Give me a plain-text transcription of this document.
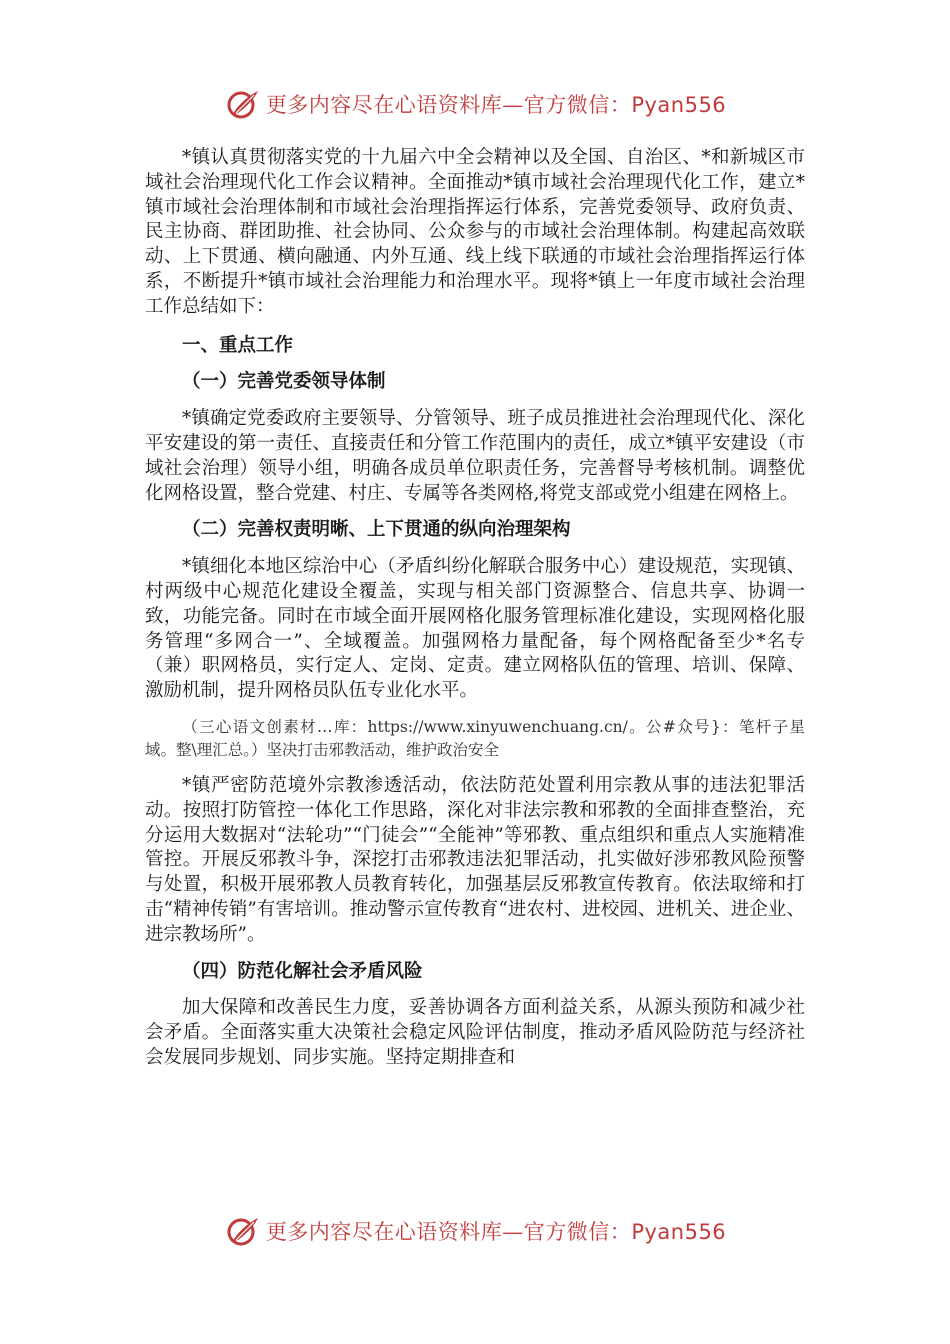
更多内容尽在心语资料库—官方微信：Pyan556

*镇认真贯彻落实党的十九届六中全会精神以及全国、自治区、*和新城区市域社会治理现代化工作会议精神。全面推动*镇市域社会治理现代化工作，建立*镇市域社会治理体制和市域社会治理指挥运行体系，完善党委领导、政府负责、民主协商、群团助推、社会协同、公众参与的市域社会治理体制。构建起高效联动、上下贯通、横向融通、内外互通、线上线下联通的市域社会治理指挥运行体系，不断提升*镇市域社会治理能力和治理水平。现将*镇上一年度市域社会治理工作总结如下：

一、重点工作
（一）完善党委领导体制

*镇确定党委政府主要领导、分管领导、班子成员推进社会治理现代化、深化平安建设的第一责任、直接责任和分管工作范围内的责任，成立*镇平安建设（市域社会治理）领导小组，明确各成员单位职责任务，完善督导考核机制。调整优化网格设置，整合党建、村庄、专属等各类网格,将党支部或党小组建在网格上。

（二）完善权责明晰、上下贯通的纵向治理架构

*镇细化本地区综治中心（矛盾纠纷化解联合服务中心）建设规范，实现镇、村两级中心规范化建设全覆盖，实现与相关部门资源整合、信息共享、协调一致，功能完备。同时在市域全面开展网格化服务管理标准化建设，实现网格化服务管理“多网合一”、全域覆盖。加强网格力量配备，每个网格配备至少*名专（兼）职网格员，实行定人、定岗、定责。建立网格队伍的管理、培训、保障、激励机制，提升网格员队伍专业化水平。

（三心语文创素材…库：https://www.xinyuwenchuang.cn/。公#众号}：笔杆子星域。整\理汇总。）坚决打击邪教活动，维护政治安全

*镇严密防范境外宗教渗透活动，依法防范处置利用宗教从事的违法犯罪活动。按照打防管控一体化工作思路，深化对非法宗教和邪教的全面排查整治，充分运用大数据对“法轮功”“门徒会”“全能神”等邪教、重点组织和重点人实施精准管控。开展反邪教斗争，深挖打击邪教违法犯罪活动，扎实做好涉邪教风险预警与处置，积极开展邪教人员教育转化，加强基层反邪教宣传教育。依法取缔和打击“精神传销”有害培训。推动警示宣传教育“进农村、进校园、进机关、进企业、进宗教场所”。

（四）防范化解社会矛盾风险

加大保障和改善民生力度，妥善协调各方面利益关系，从源头预防和减少社会矛盾。全面落实重大决策社会稳定风险评估制度，推动矛盾风险防范与经济社会发展同步规划、同步实施。坚持定期排查和

更多内容尽在心语资料库—官方微信：Pyan556
